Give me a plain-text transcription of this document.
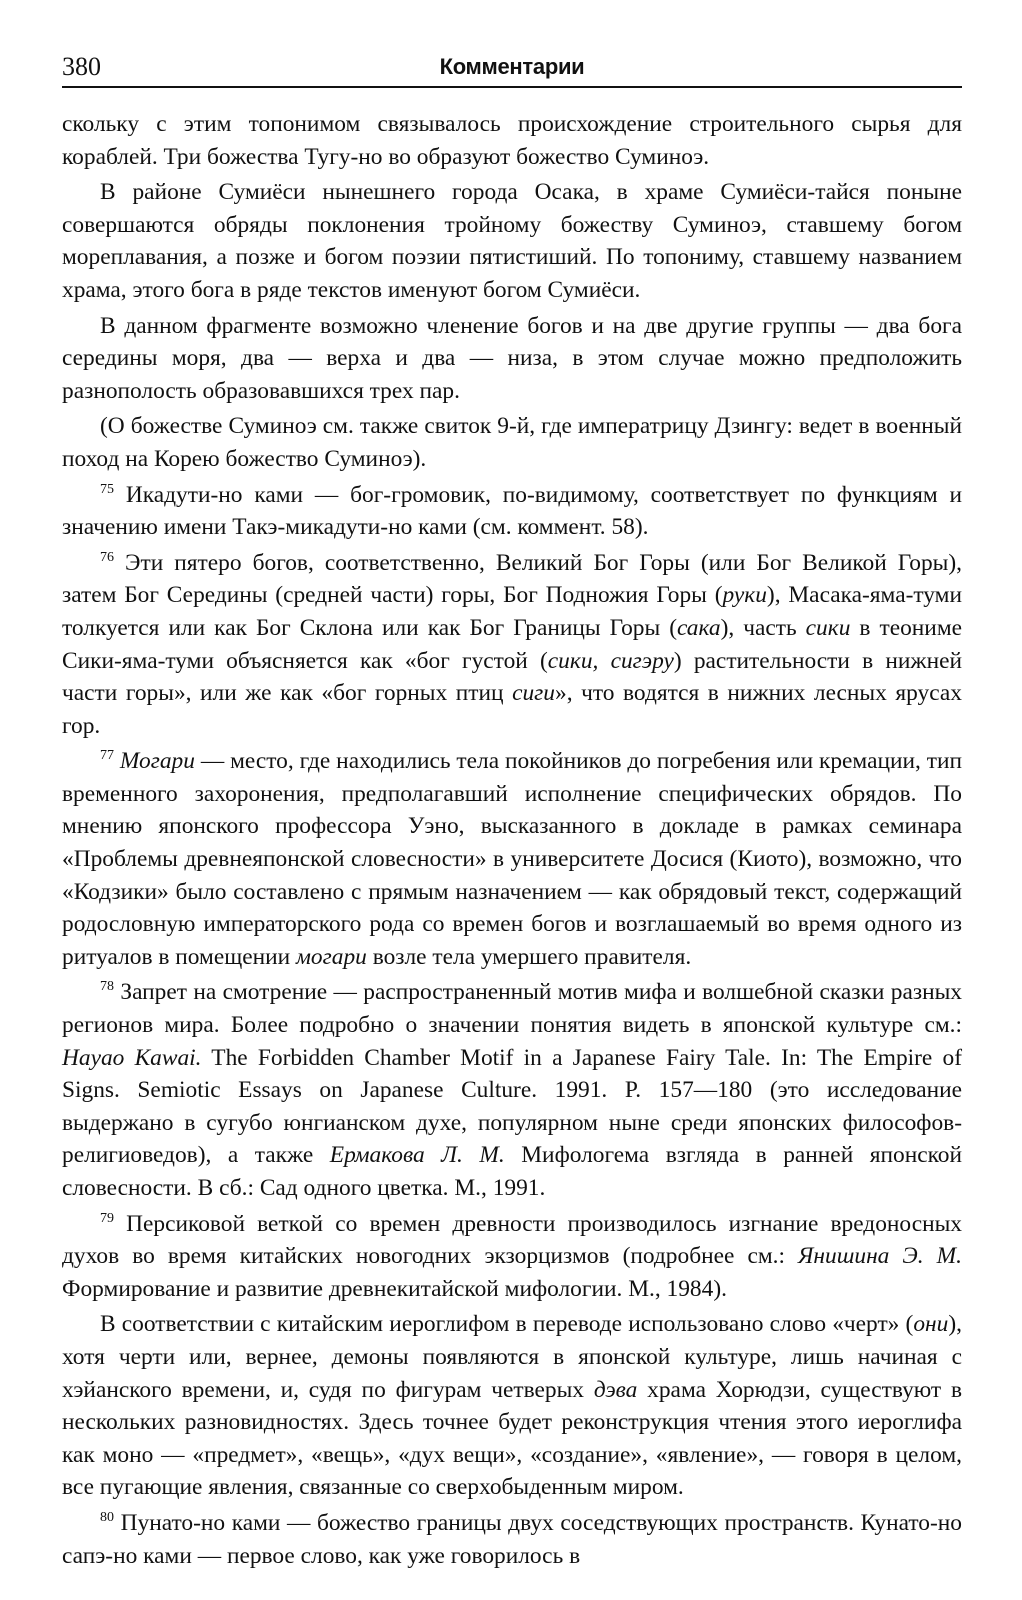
380	Комментарии

скольку с этим топонимом связывалось происхождение строительного сырья для кораблей. Три божества Тугу-но во образуют божество Суминоэ.

В районе Сумиёси нынешнего города Осака, в храме Сумиёси-тайся поныне совершаются обряды поклонения тройному божеству Суминоэ, ставшему богом мореплавания, а позже и богом поэзии пятистиший. По топониму, ставшему названием храма, этого бога в ряде текстов именуют богом Сумиёси.

В данном фрагменте возможно членение богов и на две другие группы — два бога середины моря, два — верха и два — низа, в этом случае можно предположить разнополость образовавшихся трех пар.

(О божестве Суминоэ см. также свиток 9-й, где императрицу Дзингу: ведет в военный поход на Корею божество Суминоэ).

$^{75}$ Икадути-но ками — бог-громовик, по-видимому, соответствует по функциям и значению имени Такэ-микадути-но ками (см. коммент. 58).

$^{76}$ Эти пятеро богов, соответственно, Великий Бог Горы (или Бог Великой Горы), затем Бог Середины (средней части) горы, Бог Подножия Горы (руки), Масака-яма-туми толкуется или как Бог Склона или как Бог Границы Горы (сака), часть сики в теониме Сики-яма-туми объясняется как «бог густой (сики, сигэру) растительности в нижней части горы», или же как «бог горных птиц сиги», что водятся в нижних лесных ярусах гор.

$^{77}$ Могари — место, где находились тела покойников до погребения или кремации, тип временного захоронения, предполагавший исполнение специфических обрядов. По мнению японского профессора Уэно, высказанного в докладе в рамках семинара «Проблемы древнеяпонской словесности» в университете Досися (Киото), возможно, что «Кодзики» было составлено с прямым назначением — как обрядовый текст, содержащий родословную императорского рода со времен богов и возглашаемый во время одного из ритуалов в помещении могари возле тела умершего правителя.

$^{78}$ Запрет на смотрение — распространенный мотив мифа и волшебной сказки разных регионов мира. Более подробно о значении понятия видеть в японской культуре см.: Hayao Kawai. The Forbidden Chamber Motif in a Japanese Fairy Tale. In: The Empire of Signs. Semiotic Essays on Japanese Culture. 1991. P. 157—180 (это исследование выдержано в сугубо юнгианском духе, популярном ныне среди японских философов-религиоведов), а также Ермакова Л. М. Мифологема взгляда в ранней японской словесности. В сб.: Сад одного цветка. М., 1991.

$^{79}$ Персиковой веткой со времен древности производилось изгнание вредоносных духов во время китайских новогодних экзорцизмов (подробнее см.: Янишина Э. М. Формирование и развитие древнекитайской мифологии. М., 1984).

В соответствии с китайским иероглифом в переводе использовано слово «черт» (они), хотя черти или, вернее, демоны появляются в японской культуре, лишь начиная с хэйанского времени, и, судя по фигурам четверых дэва храма Хорюдзи, существуют в нескольких разновидностях. Здесь точнее будет реконструкция чтения этого иероглифа как моно — «предмет», «вещь», «дух вещи», «создание», «явление», — говоря в целом, все пугающие явления, связанные со сверхобыденным миром.

$^{80}$ Пунато-но ками — божество границы двух соседствующих пространств. Кунато-но сапэ-но ками — первое слово, как уже говорилось в
